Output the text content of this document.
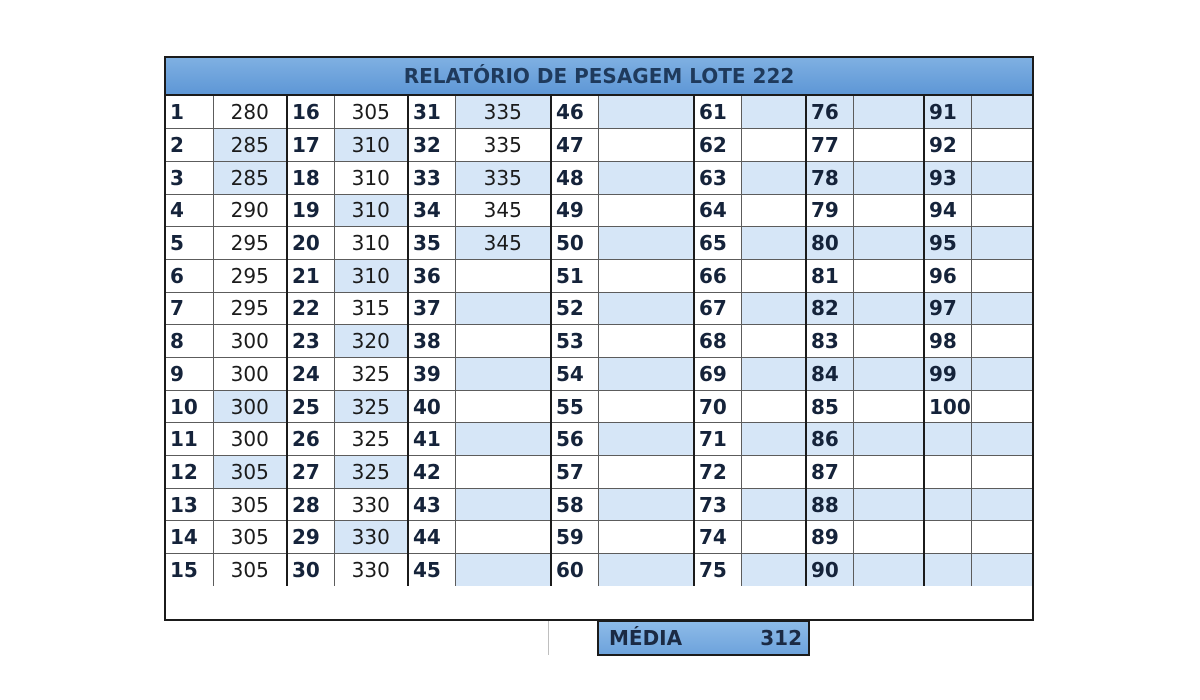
RELATÓRIO DE PESAGEM LOTE 222
1	280	16	305	31	335	46		61		76		91	
2	285	17	310	32	335	47		62		77		92	
3	285	18	310	33	335	48		63		78		93	
4	290	19	310	34	345	49		64		79		94	
5	295	20	310	35	345	50		65		80		95	
6	295	21	310	36		51		66		81		96	
7	295	22	315	37		52		67		82		97	
8	300	23	320	38		53		68		83		98	
9	300	24	325	39		54		69		84		99	
10	300	25	325	40		55		70		85		100	
11	300	26	325	41		56		71		86			
12	305	27	325	42		57		72		87			
13	305	28	330	43		58		73		88			
14	305	29	330	44		59		74		89			
15	305	30	330	45		60		75		90			
MÉDIA	312
